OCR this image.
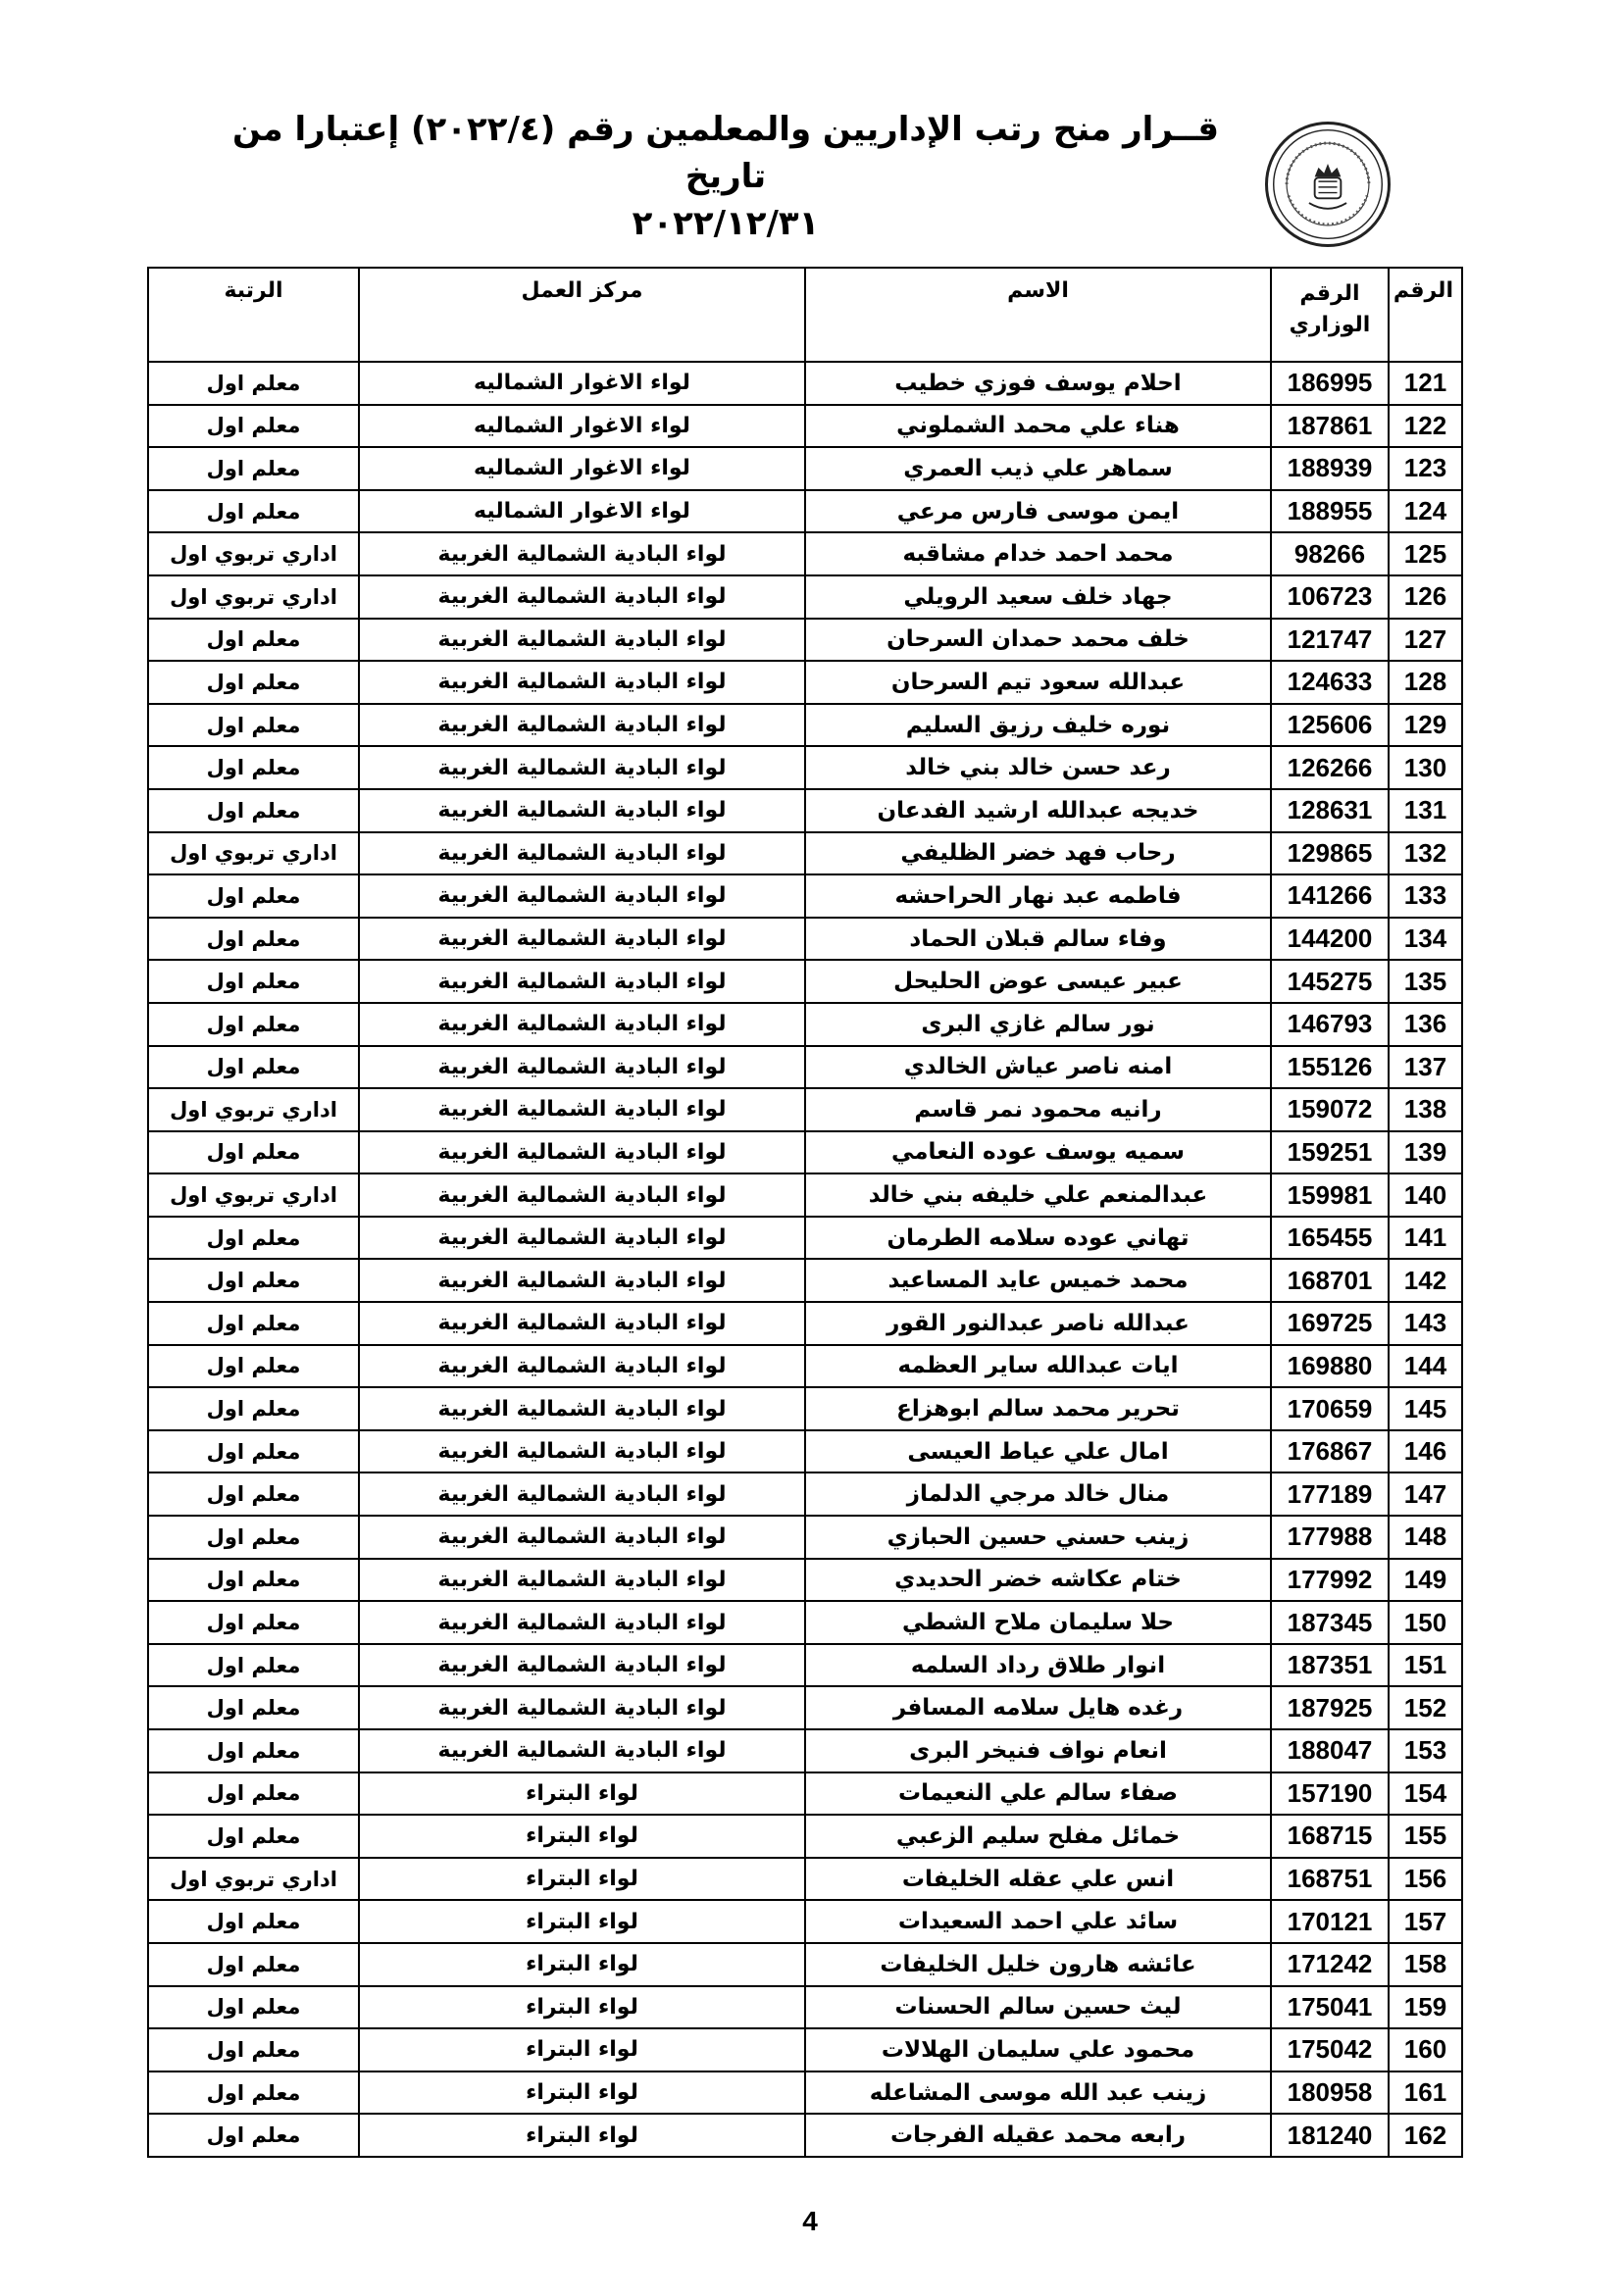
قــرار منح رتب الإداريين والمعلمين رقم (٢٠٢٢/٤) إعتبارا من تاريخ
٢٠٢٢/١٢/٣١
الرقم	الرقم الوزاري	الاسم	مركز العمل	الرتبة
121	186995	احلام يوسف فوزي خطيب	لواء الاغوار الشماليه	معلم اول
122	187861	هناء علي محمد الشملوني	لواء الاغوار الشماليه	معلم اول
123	188939	سماهر علي ذيب العمري	لواء الاغوار الشماليه	معلم اول
124	188955	ايمن موسى فارس مرعي	لواء الاغوار الشماليه	معلم اول
125	98266	محمد احمد خدام مشاقبه	لواء البادية الشمالية الغربية	اداري تربوي اول
126	106723	جهاد خلف سعيد الرويلي	لواء البادية الشمالية الغربية	اداري تربوي اول
127	121747	خلف محمد حمدان السرحان	لواء البادية الشمالية الغربية	معلم اول
128	124633	عبدالله سعود تيم السرحان	لواء البادية الشمالية الغربية	معلم اول
129	125606	نوره خليف رزيق السليم	لواء البادية الشمالية الغربية	معلم اول
130	126266	رعد حسن خالد بني خالد	لواء البادية الشمالية الغربية	معلم اول
131	128631	خديجه عبدالله ارشيد الفدعان	لواء البادية الشمالية الغربية	معلم اول
132	129865	رحاب فهد خضر الظليفي	لواء البادية الشمالية الغربية	اداري تربوي اول
133	141266	فاطمه عبد نهار الحراحشه	لواء البادية الشمالية الغربية	معلم اول
134	144200	وفاء سالم قبلان الحماد	لواء البادية الشمالية الغربية	معلم اول
135	145275	عبير عيسى عوض الحليحل	لواء البادية الشمالية الغربية	معلم اول
136	146793	نور سالم غازي البرى	لواء البادية الشمالية الغربية	معلم اول
137	155126	امنه ناصر عياش الخالدي	لواء البادية الشمالية الغربية	معلم اول
138	159072	رانيه محمود نمر قاسم	لواء البادية الشمالية الغربية	اداري تربوي اول
139	159251	سميه يوسف عوده النعامي	لواء البادية الشمالية الغربية	معلم اول
140	159981	عبدالمنعم علي خليفه بني خالد	لواء البادية الشمالية الغربية	اداري تربوي اول
141	165455	تهاني عوده سلامه الطرمان	لواء البادية الشمالية الغربية	معلم اول
142	168701	محمد خميس عايد المساعيد	لواء البادية الشمالية الغربية	معلم اول
143	169725	عبدالله ناصر عبدالنور القور	لواء البادية الشمالية الغربية	معلم اول
144	169880	ايات عبدالله ساير العظمه	لواء البادية الشمالية الغربية	معلم اول
145	170659	تحرير محمد سالم ابوهزاع	لواء البادية الشمالية الغربية	معلم اول
146	176867	امال علي عياط العيسى	لواء البادية الشمالية الغربية	معلم اول
147	177189	منال خالد مرجي الدلماز	لواء البادية الشمالية الغربية	معلم اول
148	177988	زينب حسني حسين الحبازي	لواء البادية الشمالية الغربية	معلم اول
149	177992	ختام عكاشه خضر الحديدي	لواء البادية الشمالية الغربية	معلم اول
150	187345	حلا سليمان ملاح الشطي	لواء البادية الشمالية الغربية	معلم اول
151	187351	انوار طلاق رداد السلمه	لواء البادية الشمالية الغربية	معلم اول
152	187925	رغده هايل سلامه المسافر	لواء البادية الشمالية الغربية	معلم اول
153	188047	انعام نواف فنيخر البرى	لواء البادية الشمالية الغربية	معلم اول
154	157190	صفاء سالم علي النعيمات	لواء البتراء	معلم اول
155	168715	خمائل مفلح سليم الزعبي	لواء البتراء	معلم اول
156	168751	انس علي عقله الخليفات	لواء البتراء	اداري تربوي اول
157	170121	سائد علي احمد السعيدات	لواء البتراء	معلم اول
158	171242	عائشه هارون خليل الخليفات	لواء البتراء	معلم اول
159	175041	ليث حسين سالم الحسنات	لواء البتراء	معلم اول
160	175042	محمود علي سليمان الهلالات	لواء البتراء	معلم اول
161	180958	زينب عبد الله موسى المشاعله	لواء البتراء	معلم اول
162	181240	رابعه محمد عقيله الفرجات	لواء البتراء	معلم اول
4
